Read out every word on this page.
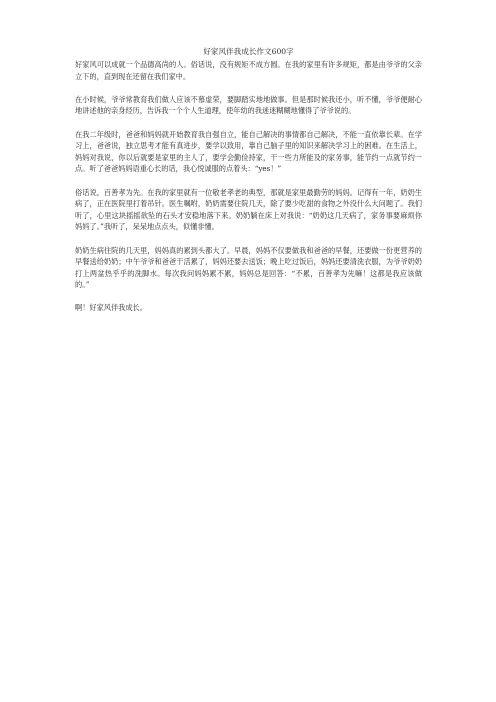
好家风伴我成长作文600字

好家风可以成就一个品德高尚的人。俗话说，没有规矩不成方圆。在我的家里有许多规矩，都是由爷爷的父亲立下的，直到现在还留在我们家中。

在小时候，爷爷常教育我们做人应该不慕虚荣，要脚踏实地地做事。但是那时候我还小，听不懂，爷爷便耐心地讲述他的亲身经历，告诉我一个个人生道理，使年幼的我迷迷糊糊地懂得了爷爷说的。

在我二年级时，爸爸和妈妈就开始教育我自强自立，能自己解决的事情都自己解决，不能一直依靠长辈。在学习上，爸爸说，独立思考才能有真进步，要学以致用，靠自己脑子里的知识来解决学习上的困难。在生活上，妈妈对我说，你以后就要是家里的主人了，要学会勤俭持家，干一些力所能及的家务事，能节约一点就节约一点。听了爸爸妈妈语重心长的话，我心悦诚服的点着头：“yes！”

俗话说，百善孝为先。在我的家里就有一位敬老孝老的典型，那就是家里最勤劳的妈妈。记得有一年，奶奶生病了，正在医院里打着吊针。医生嘱咐，奶奶需要住院几天，除了要少吃甜的食物之外没什么大问题了。我们听了，心里这块摇摇欲坠的石头才安稳地落下来。奶奶躺在床上对我说：“奶奶这几天病了，家务事要麻烦你妈妈了。”我听了，呆呆地点点头，似懂非懂。

奶奶生病住院的几天里，妈妈真的累到头都大了。早晨，妈妈不仅要做我和爸爸的早餐，还要做一份更营养的早餐送给奶奶；中午爷爷和爸爸干活累了，妈妈还要去送饭；晚上吃过饭后，妈妈还要清洗衣服，为爷爷奶奶打上两盆热乎乎的洗脚水。每次我问妈妈累不累，妈妈总是回答：“不累，百善孝为先嘛！这都是我应该做的。”

啊！好家风伴我成长。
